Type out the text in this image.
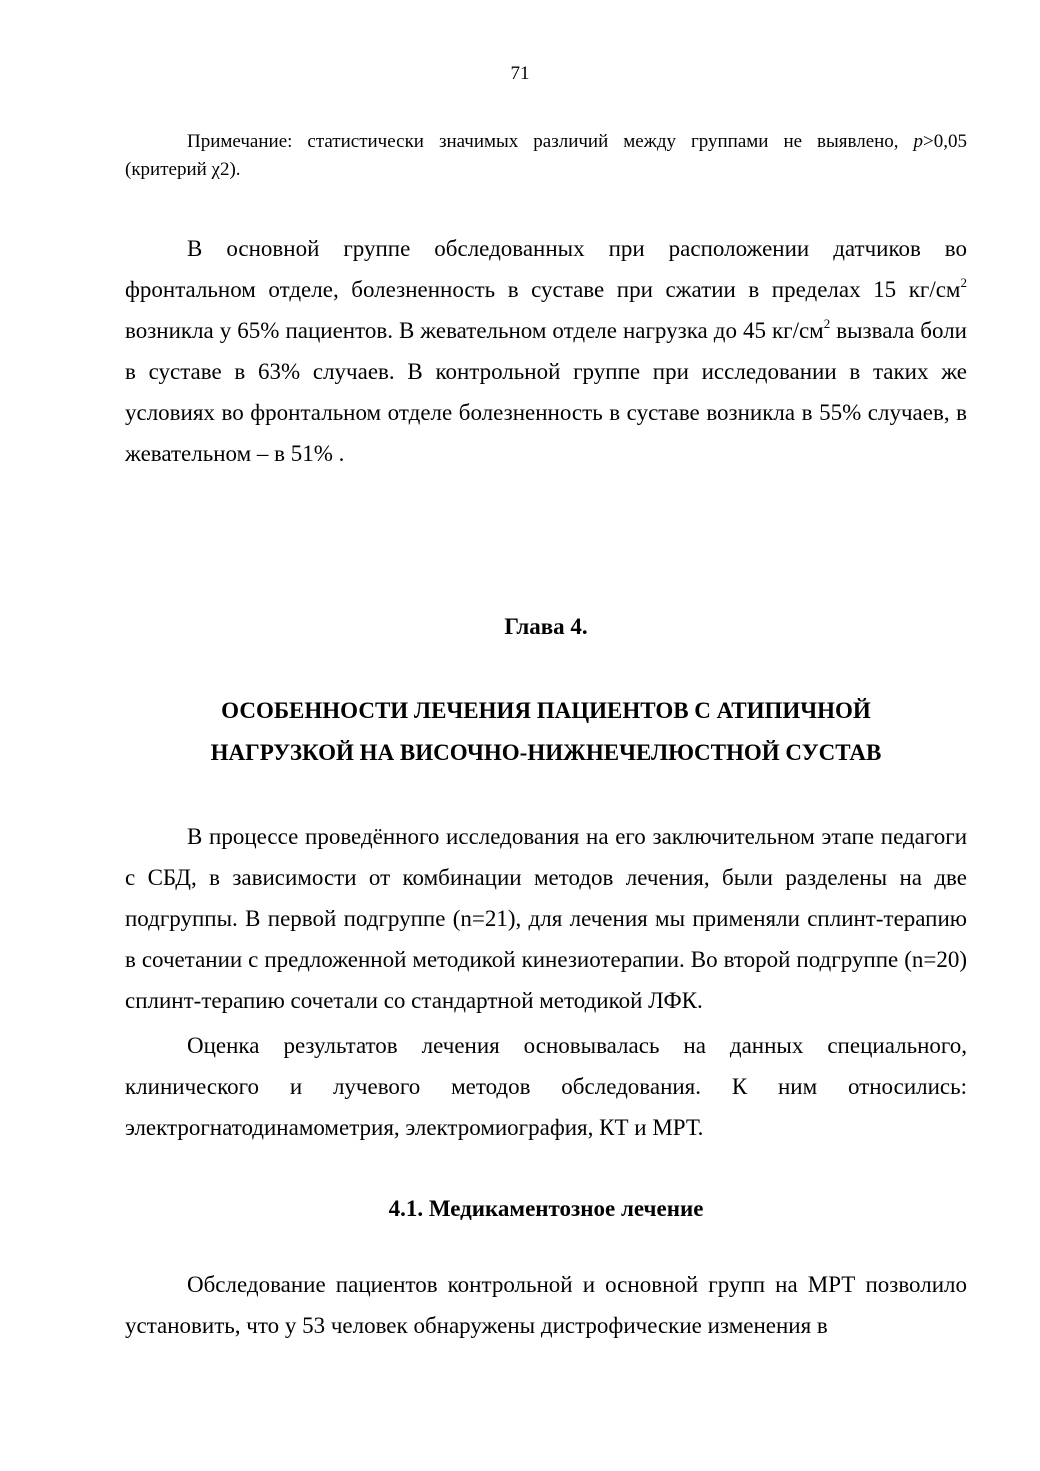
71
Примечание: статистически значимых различий между группами не выявлено, p>0,05 (критерий χ2).
В основной группе обследованных при расположении датчиков во фронтальном отделе, болезненность в суставе при сжатии в пределах 15 $кг/см^2$ возникла у 65% пациентов. В жевательном отделе нагрузка до 45 $кг/см^2$ вызвала боли в суставе в 63% случаев. В контрольной группе при исследовании в таких же условиях во фронтальном отделе болезненность в суставе возникла в 55% случаев, в жевательном – в 51% .
Глава 4.
ОСОБЕННОСТИ ЛЕЧЕНИЯ ПАЦИЕНТОВ С АТИПИЧНОЙ
НАГРУЗКОЙ НА ВИСОЧНО-НИЖНЕЧЕЛЮСТНОЙ СУСТАВ
В процессе проведённого исследования на его заключительном этапе педагоги с СБД, в зависимости от комбинации методов лечения, были разделены на две подгруппы. В первой подгруппе (n=21), для лечения мы применяли сплинт-терапию в сочетании с предложенной методикой кинезиотерапии. Во второй подгруппе (n=20) сплинт-терапию сочетали со стандартной методикой ЛФК.
Оценка результатов лечения основывалась на данных специального, клинического и лучевого методов обследования. К ним относились: электрогнатодинамометрия, электромиография, КТ и МРТ.
4.1. Медикаментозное лечение
Обследование пациентов контрольной и основной групп на МРТ позволило установить, что у 53 человек обнаружены дистрофические изменения в
